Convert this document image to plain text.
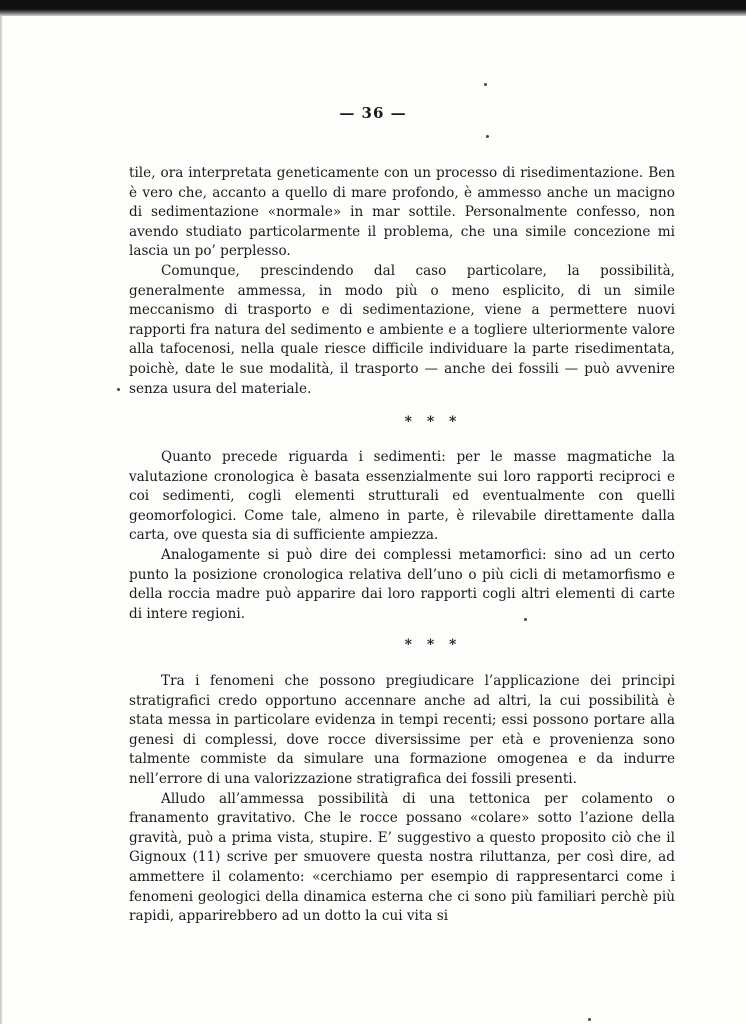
— 36 —

tile, ora interpretata geneticamente con un processo di risedimentazione. Ben è vero che, accanto a quello di mare profondo, è ammesso anche un macigno di sedimentazione «normale» in mar sottile. Personalmente confesso, non avendo studiato particolarmente il problema, che una simile concezione mi lascia un po’ perplesso.

Comunque, prescindendo dal caso particolare, la possibilità, generalmente ammessa, in modo più o meno esplicito, di un simile meccanismo di trasporto e di sedimentazione, viene a permettere nuovi rapporti fra natura del sedimento e ambiente e a togliere ulteriormente valore alla tafocenosi, nella quale riesce difficile individuare la parte risedimentata, poichè, date le sue modalità, il trasporto — anche dei fossili — può avvenire senza usura del materiale.

* * *

Quanto precede riguarda i sedimenti: per le masse magmatiche la valutazione cronologica è basata essenzialmente sui loro rapporti reciproci e coi sedimenti, cogli elementi strutturali ed eventualmente con quelli geomorfologici. Come tale, almeno in parte, è rilevabile direttamente dalla carta, ove questa sia di sufficiente ampiezza.

Analogamente si può dire dei complessi metamorfici: sino ad un certo punto la posizione cronologica relativa dell’uno o più cicli di metamorfismo e della roccia madre può apparire dai loro rapporti cogli altri elementi di carte di intere regioni.

* * *

Tra i fenomeni che possono pregiudicare l’applicazione dei principi stratigrafici credo opportuno accennare anche ad altri, la cui possibilità è stata messa in particolare evidenza in tempi recenti; essi possono portare alla genesi di complessi, dove rocce diversissime per età e provenienza sono talmente commiste da simulare una formazione omogenea e da indurre nell’errore di una valorizzazione stratigrafica dei fossili presenti.

Alludo all’ammessa possibilità di una tettonica per colamento o franamento gravitativo. Che le rocce possano «colare» sotto l’azione della gravità, può a prima vista, stupire. E’ suggestivo a questo proposito ciò che il Gignoux (11) scrive per smuovere questa nostra riluttanza, per così dire, ad ammettere il colamento: «cerchiamo per esempio di rappresentarci come i fenomeni geologici della dinamica esterna che ci sono più familiari perchè più rapidi, apparirebbero ad un dotto la cui vita si
